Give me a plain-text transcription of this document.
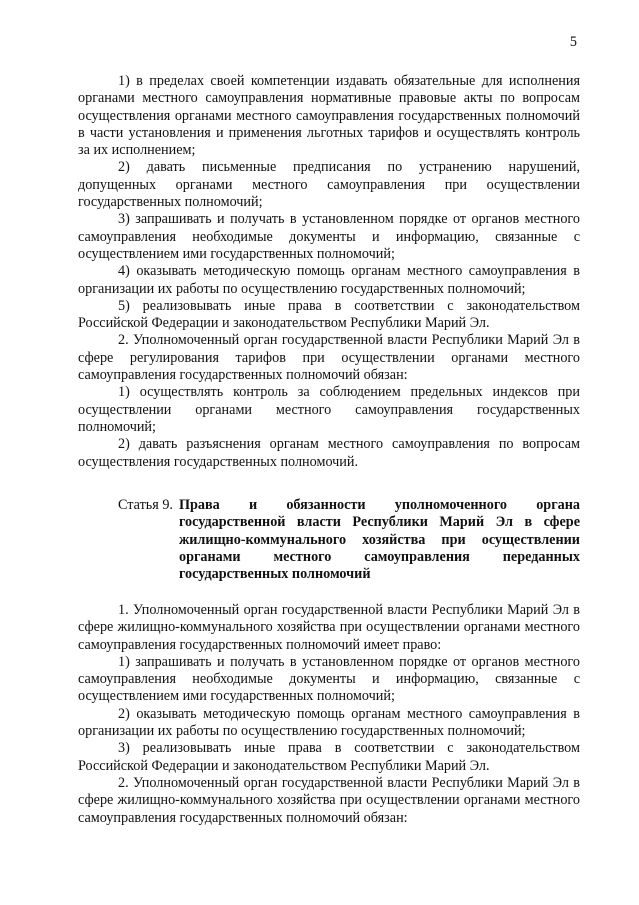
5

1) в пределах своей компетенции издавать обязательные для исполнения органами местного самоуправления нормативные правовые акты по вопросам осуществления органами местного самоуправления государственных полномочий в части установления и применения льготных тарифов и осуществлять контроль за их исполнением;

2) давать письменные предписания по устранению нарушений, допущенных органами местного самоуправления при осуществлении государственных полномочий;

3) запрашивать и получать в установленном порядке от органов местного самоуправления необходимые документы и информацию, связанные с осуществлением ими государственных полномочий;

4) оказывать методическую помощь органам местного самоуправления в организации их работы по осуществлению государственных полномочий;

5) реализовывать иные права в соответствии с законодательством Российской Федерации и законодательством Республики Марий Эл.

2. Уполномоченный орган государственной власти Республики Марий Эл в сфере регулирования тарифов при осуществлении органами местного самоуправления государственных полномочий обязан:

1) осуществлять контроль за соблюдением предельных индексов при осуществлении органами местного самоуправления государственных полномочий;

2) давать разъяснения органам местного самоуправления по вопросам осуществления государственных полномочий.

Статья 9. Права и обязанности уполномоченного органа государственной власти Республики Марий Эл в сфере жилищно-коммунального хозяйства при осуществлении органами местного самоуправления переданных государственных полномочий

1. Уполномоченный орган государственной власти Республики Марий Эл в сфере жилищно-коммунального хозяйства при осуществлении органами местного самоуправления государственных полномочий имеет право:

1) запрашивать и получать в установленном порядке от органов местного самоуправления необходимые документы и информацию, связанные с осуществлением ими государственных полномочий;

2) оказывать методическую помощь органам местного самоуправления в организации их работы по осуществлению государственных полномочий;

3) реализовывать иные права в соответствии с законодательством Российской Федерации и законодательством Республики Марий Эл.

2. Уполномоченный орган государственной власти Республики Марий Эл в сфере жилищно-коммунального хозяйства при осуществлении органами местного самоуправления государственных полномочий обязан:
